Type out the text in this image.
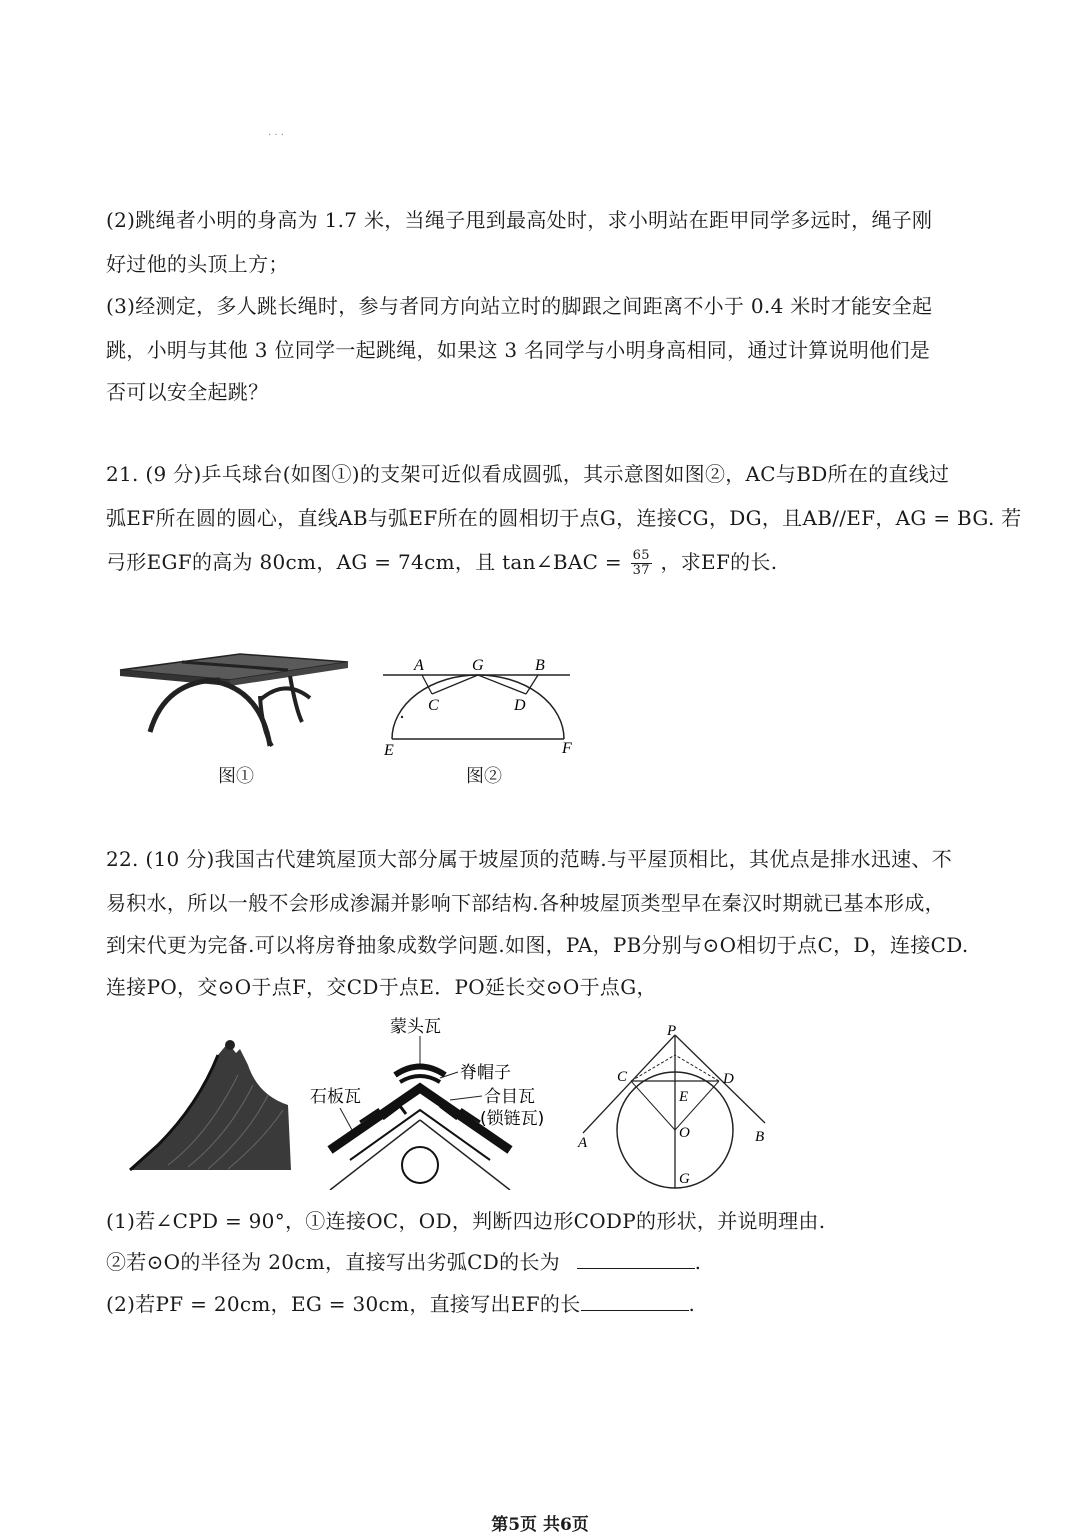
· · ·
(2)跳绳者小明的身高为 1.7 米，当绳子甩到最高处时，求小明站在距甲同学多远时，绳子刚
好过他的头顶上方；
(3)经测定，多人跳长绳时，参与者同方向站立时的脚跟之间距离不小于 0.4 米时才能安全起
跳，小明与其他 3 位同学一起跳绳，如果这 3 名同学与小明身高相同，通过计算说明他们是
否可以安全起跳？
21. (9 分)乒乓球台(如图①)的支架可近似看成圆弧，其示意图如图②，AC与BD所在的直线过
弧EF所在圆的圆心，直线AB与弧EF所在的圆相切于点G，连接CG，DG，且AB//EF，AG = BG. 若
弓形EGF的高为 80cm，AG = 74cm，且 tan∠BAC = $\frac{65}{37}$ ，求EF的长.
图①
A	G	B
C	D
E	F
图②
22. (10 分)我国古代建筑屋顶大部分属于坡屋顶的范畴.与平屋顶相比，其优点是排水迅速、不
易积水，所以一般不会形成渗漏并影响下部结构.各种坡屋顶类型早在秦汉时期就已基本形成，
到宋代更为完备.可以将房脊抽象成数学问题.如图，PA，PB分别与⊙O相切于点C，D，连接CD.
连接PO，交⊙O于点F，交CD于点E．PO延长交⊙O于点G，
蒙头瓦
脊帽子
石板瓦	合目瓦
(锁链瓦)
P
C	D
E
O
A	B
G
(1)若∠CPD = 90°，①连接OC，OD，判断四边形CODP的形状，并说明理由.
②若⊙O的半径为 20cm，直接写出劣弧CD的长为	.
(2)若PF = 20cm，EG = 30cm，直接写出EF的长	.
第5页 共6页
